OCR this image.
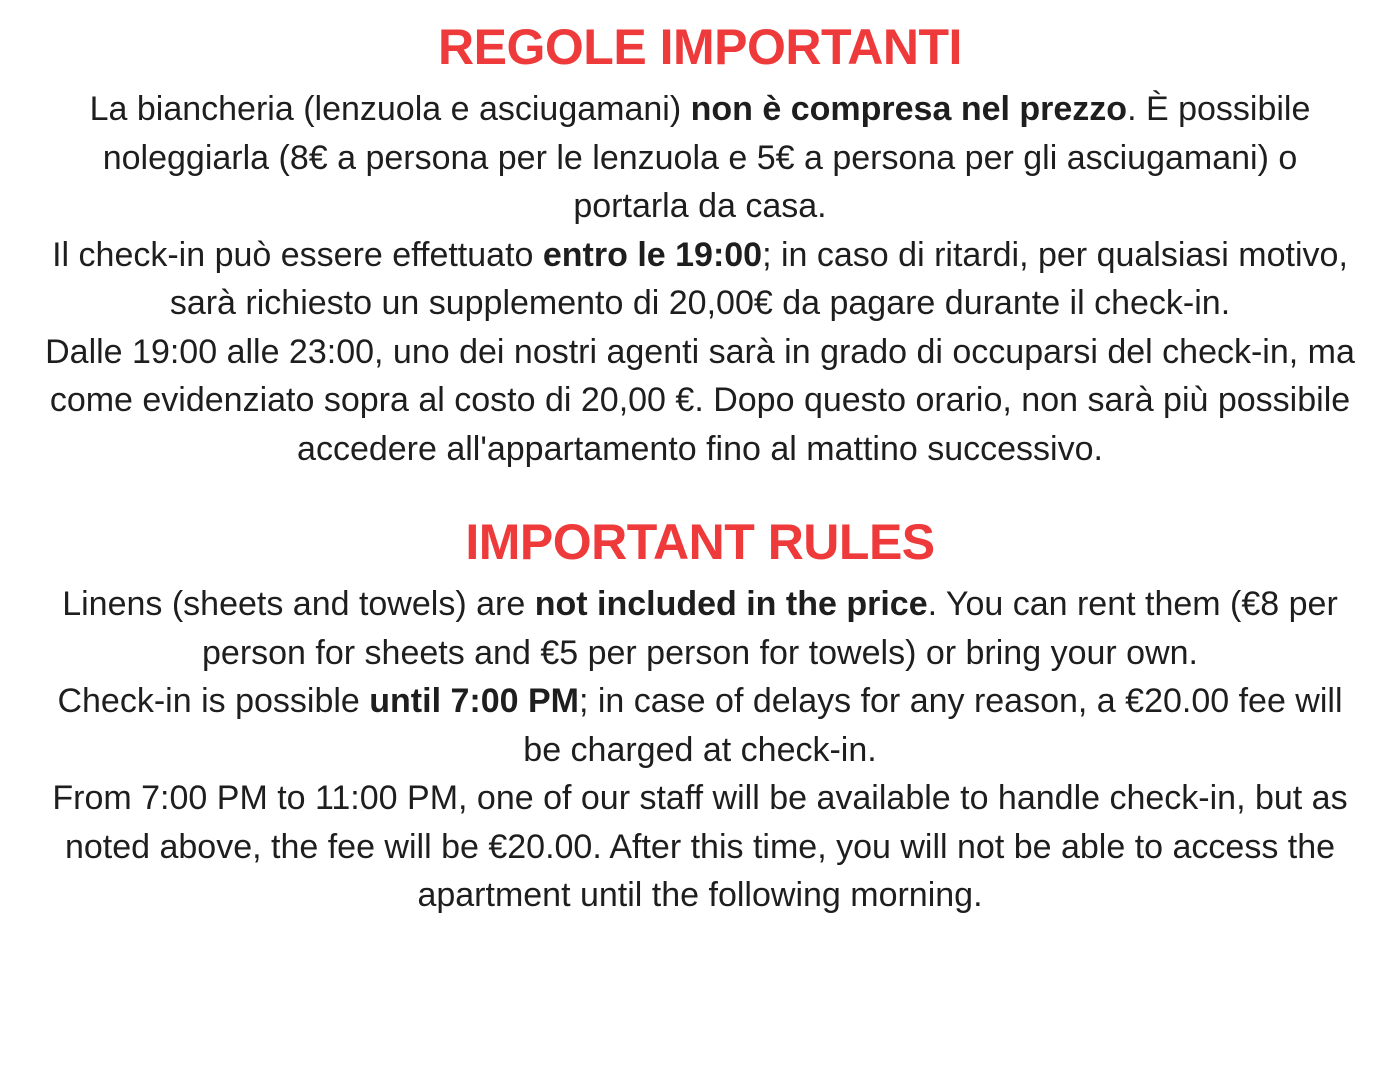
REGOLE IMPORTANTI

La biancheria (lenzuola e asciugamani) non è compresa nel prezzo. È possibile noleggiarla (8€ a persona per le lenzuola e 5€ a persona per gli asciugamani) o portarla da casa.

Il check-in può essere effettuato entro le 19:00; in caso di ritardi, per qualsiasi motivo, sarà richiesto un supplemento di 20,00€ da pagare durante il check-in.

Dalle 19:00 alle 23:00, uno dei nostri agenti sarà in grado di occuparsi del check-in, ma come evidenziato sopra al costo di 20,00 €. Dopo questo orario, non sarà più possibile accedere all'appartamento fino al mattino successivo.

IMPORTANT RULES

Linens (sheets and towels) are not included in the price. You can rent them (€8 per person for sheets and €5 per person for towels) or bring your own.

Check-in is possible until 7:00 PM; in case of delays for any reason, a €20.00 fee will be charged at check-in.

From 7:00 PM to 11:00 PM, one of our staff will be available to handle check-in, but as noted above, the fee will be €20.00. After this time, you will not be able to access the apartment until the following morning.
